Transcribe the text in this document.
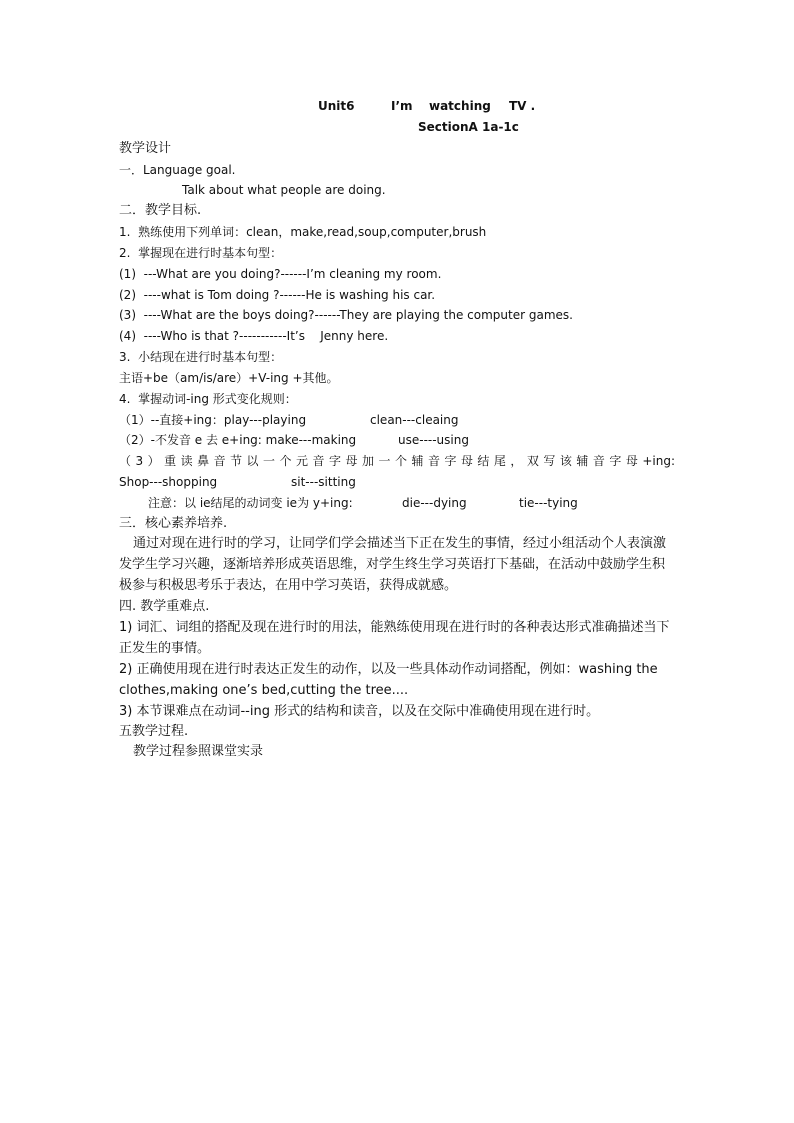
Unit6

	I’m

watching

TV .

SectionA 1a-1c
教学设计
一．Language goal.
Talk about what people are doing.
二．教学目标.
1.  熟练使用下列单词：clean，make,read,soup,computer,brush
2.  掌握现在进行时基本句型：
(1)  ---What are you doing?------I’m cleaning my room.
(2)  ----what is Tom doing ?------He is washing his car.
(3)  ----What are the boys doing?------They are playing the computer games.
(4)  ----Who is that ?-----------It’s    Jenny here.
3.  小结现在进行时基本句型：
主语+be（am/is/are）+V-ing +其他。
4.  掌握动词-ing 形式变化规则：

（1）--直接+ing：play---playing

	clean---cleaing

（2）-不发音 e 去 e+ing: make---making

	use----using

（3）重读鼻音节以一个元音字母加一个辅音字母结尾，双写该辅音字母+ing:

Shop---shopping

	sit---sitting

注意：以 ie结尾的动词变 ie为 y+ing:

	die---dying

	tie---tying

三．核心素养培养.
通过对现在进行时的学习，让同学们学会描述当下正在发生的事情，经过小组活动个人表演激发学生学习兴趣，逐渐培养形成英语思维，对学生终生学习英语打下基础，在活动中鼓励学生积极参与积极思考乐于表达，在用中学习英语，获得成就感。
四. 教学重难点.
1) 词汇、词组的搭配及现在进行时的用法，能熟练使用现在进行时的各种表达形式准确描述当下正发生的事情。
2) 正确使用现在进行时表达正发生的动作，以及一些具体动作动词搭配，例如：washing the clothes,making one’s bed,cutting the tree....
3) 本节课难点在动词--ing 形式的结构和读音，以及在交际中准确使用现在进行时。
五教学过程.
教学过程参照课堂实录
